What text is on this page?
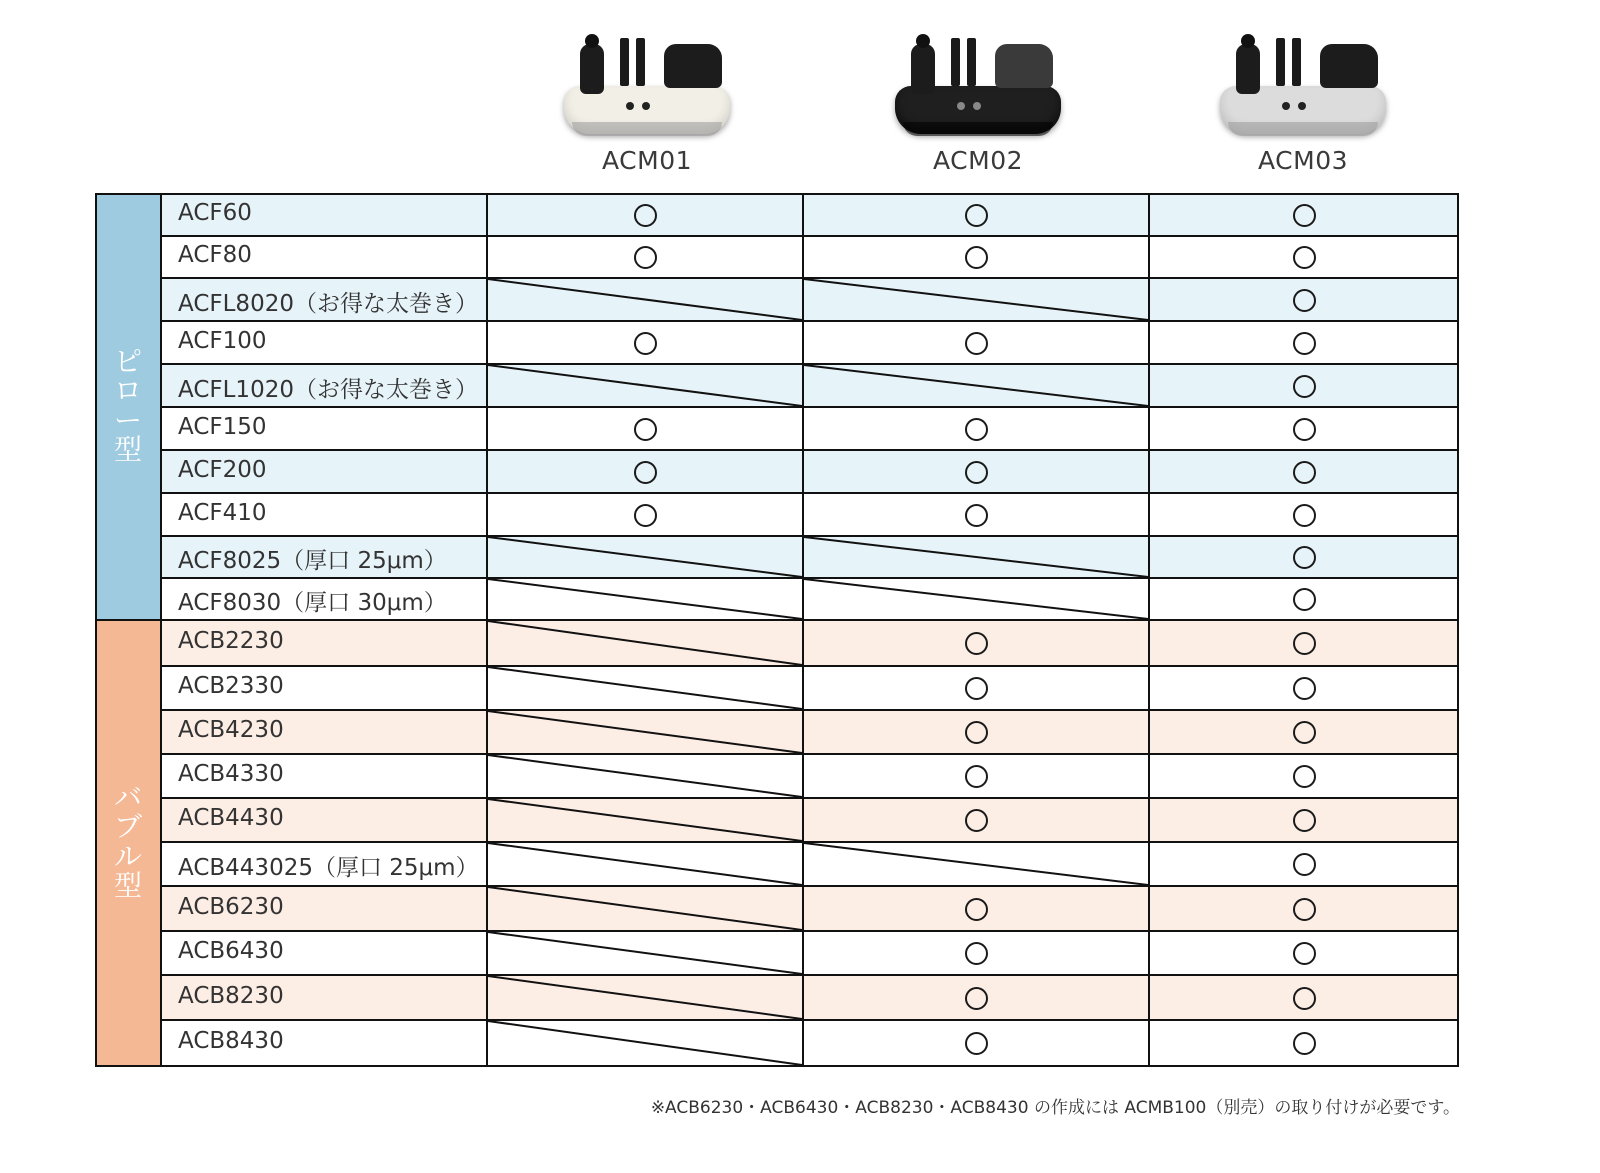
ACM01	ACM02	ACM03
ピ
ロ
ー
型
ACF60
ACF80
ACFL8020（お得な太巻き）
ACF100
ACFL1020（お得な太巻き）
ACF150
ACF200
ACF410
ACF8025（厚口 25μm）
ACF8030（厚口 30μm）
バ
ブ
ル
型
ACB2230
ACB2330
ACB4230
ACB4330
ACB4430
ACB443025（厚口 25μm）
ACB6230
ACB6430
ACB8230
ACB8430
※ACB6230・ACB6430・ACB8230・ACB8430 の作成には ACMB100（別売）の取り付けが必要です。
